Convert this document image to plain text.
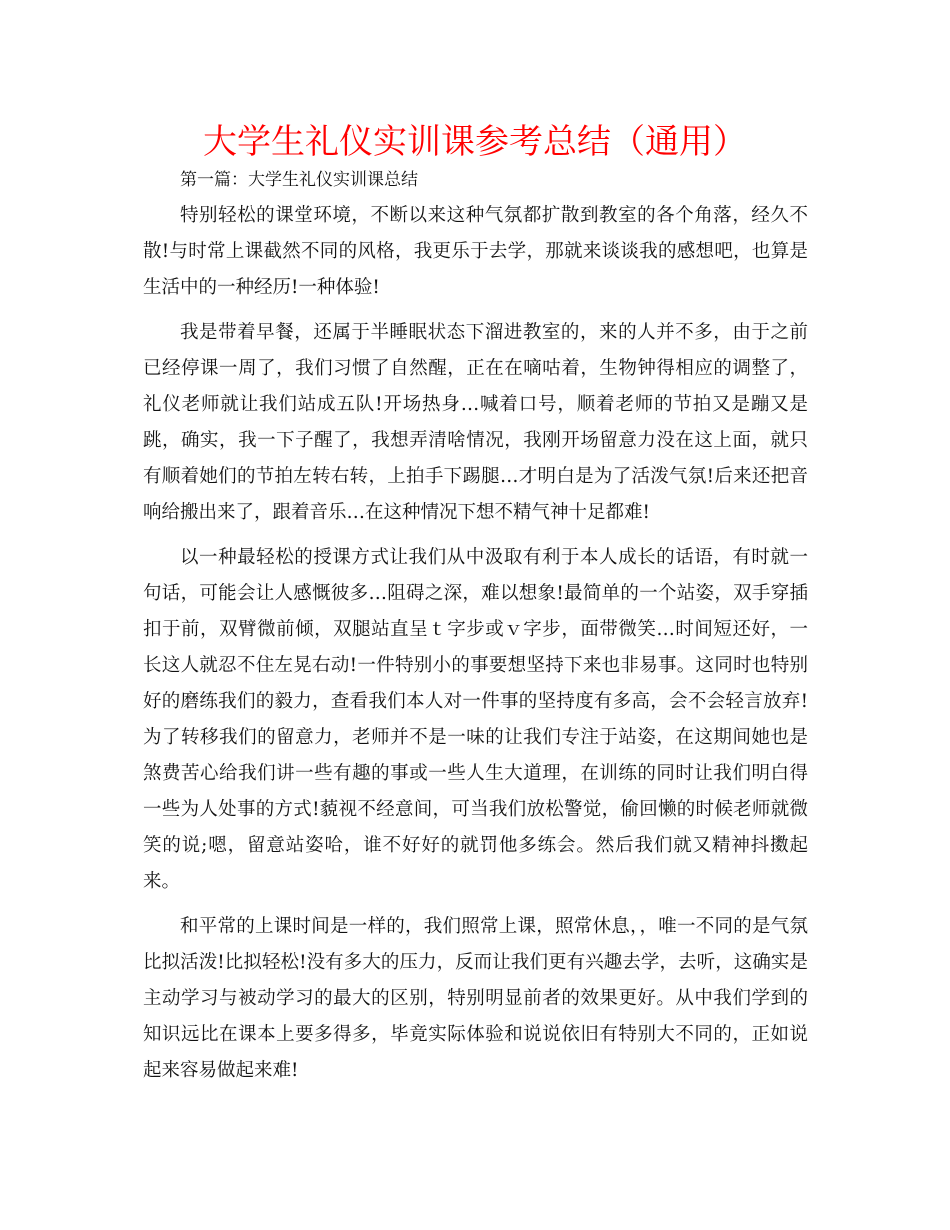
大学生礼仪实训课参考总结（通用）

第一篇：大学生礼仪实训课总结

特别轻松的课堂环境，不断以来这种气氛都扩散到教室的各个角落，经久不散!与时常上课截然不同的风格，我更乐于去学，那就来谈谈我的感想吧，也算是生活中的一种经历!一种体验!

我是带着早餐，还属于半睡眠状态下溜进教室的，来的人并不多，由于之前已经停课一周了，我们习惯了自然醒，正在在嘀咕着，生物钟得相应的调整了，礼仪老师就让我们站成五队!开场热身…喊着口号，顺着老师的节拍又是蹦又是跳，确实，我一下子醒了，我想弄清啥情况，我刚开场留意力没在这上面，就只有顺着她们的节拍左转右转，上拍手下踢腿…才明白是为了活泼气氛!后来还把音响给搬出来了，跟着音乐…在这种情况下想不精气神十足都难!

以一种最轻松的授课方式让我们从中汲取有利于本人成长的话语，有时就一句话，可能会让人感慨彼多…阻碍之深，难以想象!最简单的一个站姿，双手穿插扣于前，双臂微前倾，双腿站直呈ｔ字步或ｖ字步，面带微笑…时间短还好，一长这人就忍不住左晃右动!一件特别小的事要想坚持下来也非易事。这同时也特别好的磨练我们的毅力，查看我们本人对一件事的坚持度有多高，会不会轻言放弃!为了转移我们的留意力，老师并不是一味的让我们专注于站姿，在这期间她也是煞费苦心给我们讲一些有趣的事或一些人生大道理，在训练的同时让我们明白得一些为人处事的方式!藐视不经意间，可当我们放松警觉，偷回懒的时候老师就微笑的说;嗯，留意站姿哈，谁不好好的就罚他多练会。然后我们就又精神抖擞起来。

和平常的上课时间是一样的，我们照常上课，照常休息，，唯一不同的是气氛比拟活泼!比拟轻松!没有多大的压力，反而让我们更有兴趣去学，去听，这确实是主动学习与被动学习的最大的区别，特别明显前者的效果更好。从中我们学到的知识远比在课本上要多得多，毕竟实际体验和说说依旧有特别大不同的，正如说起来容易做起来难!
